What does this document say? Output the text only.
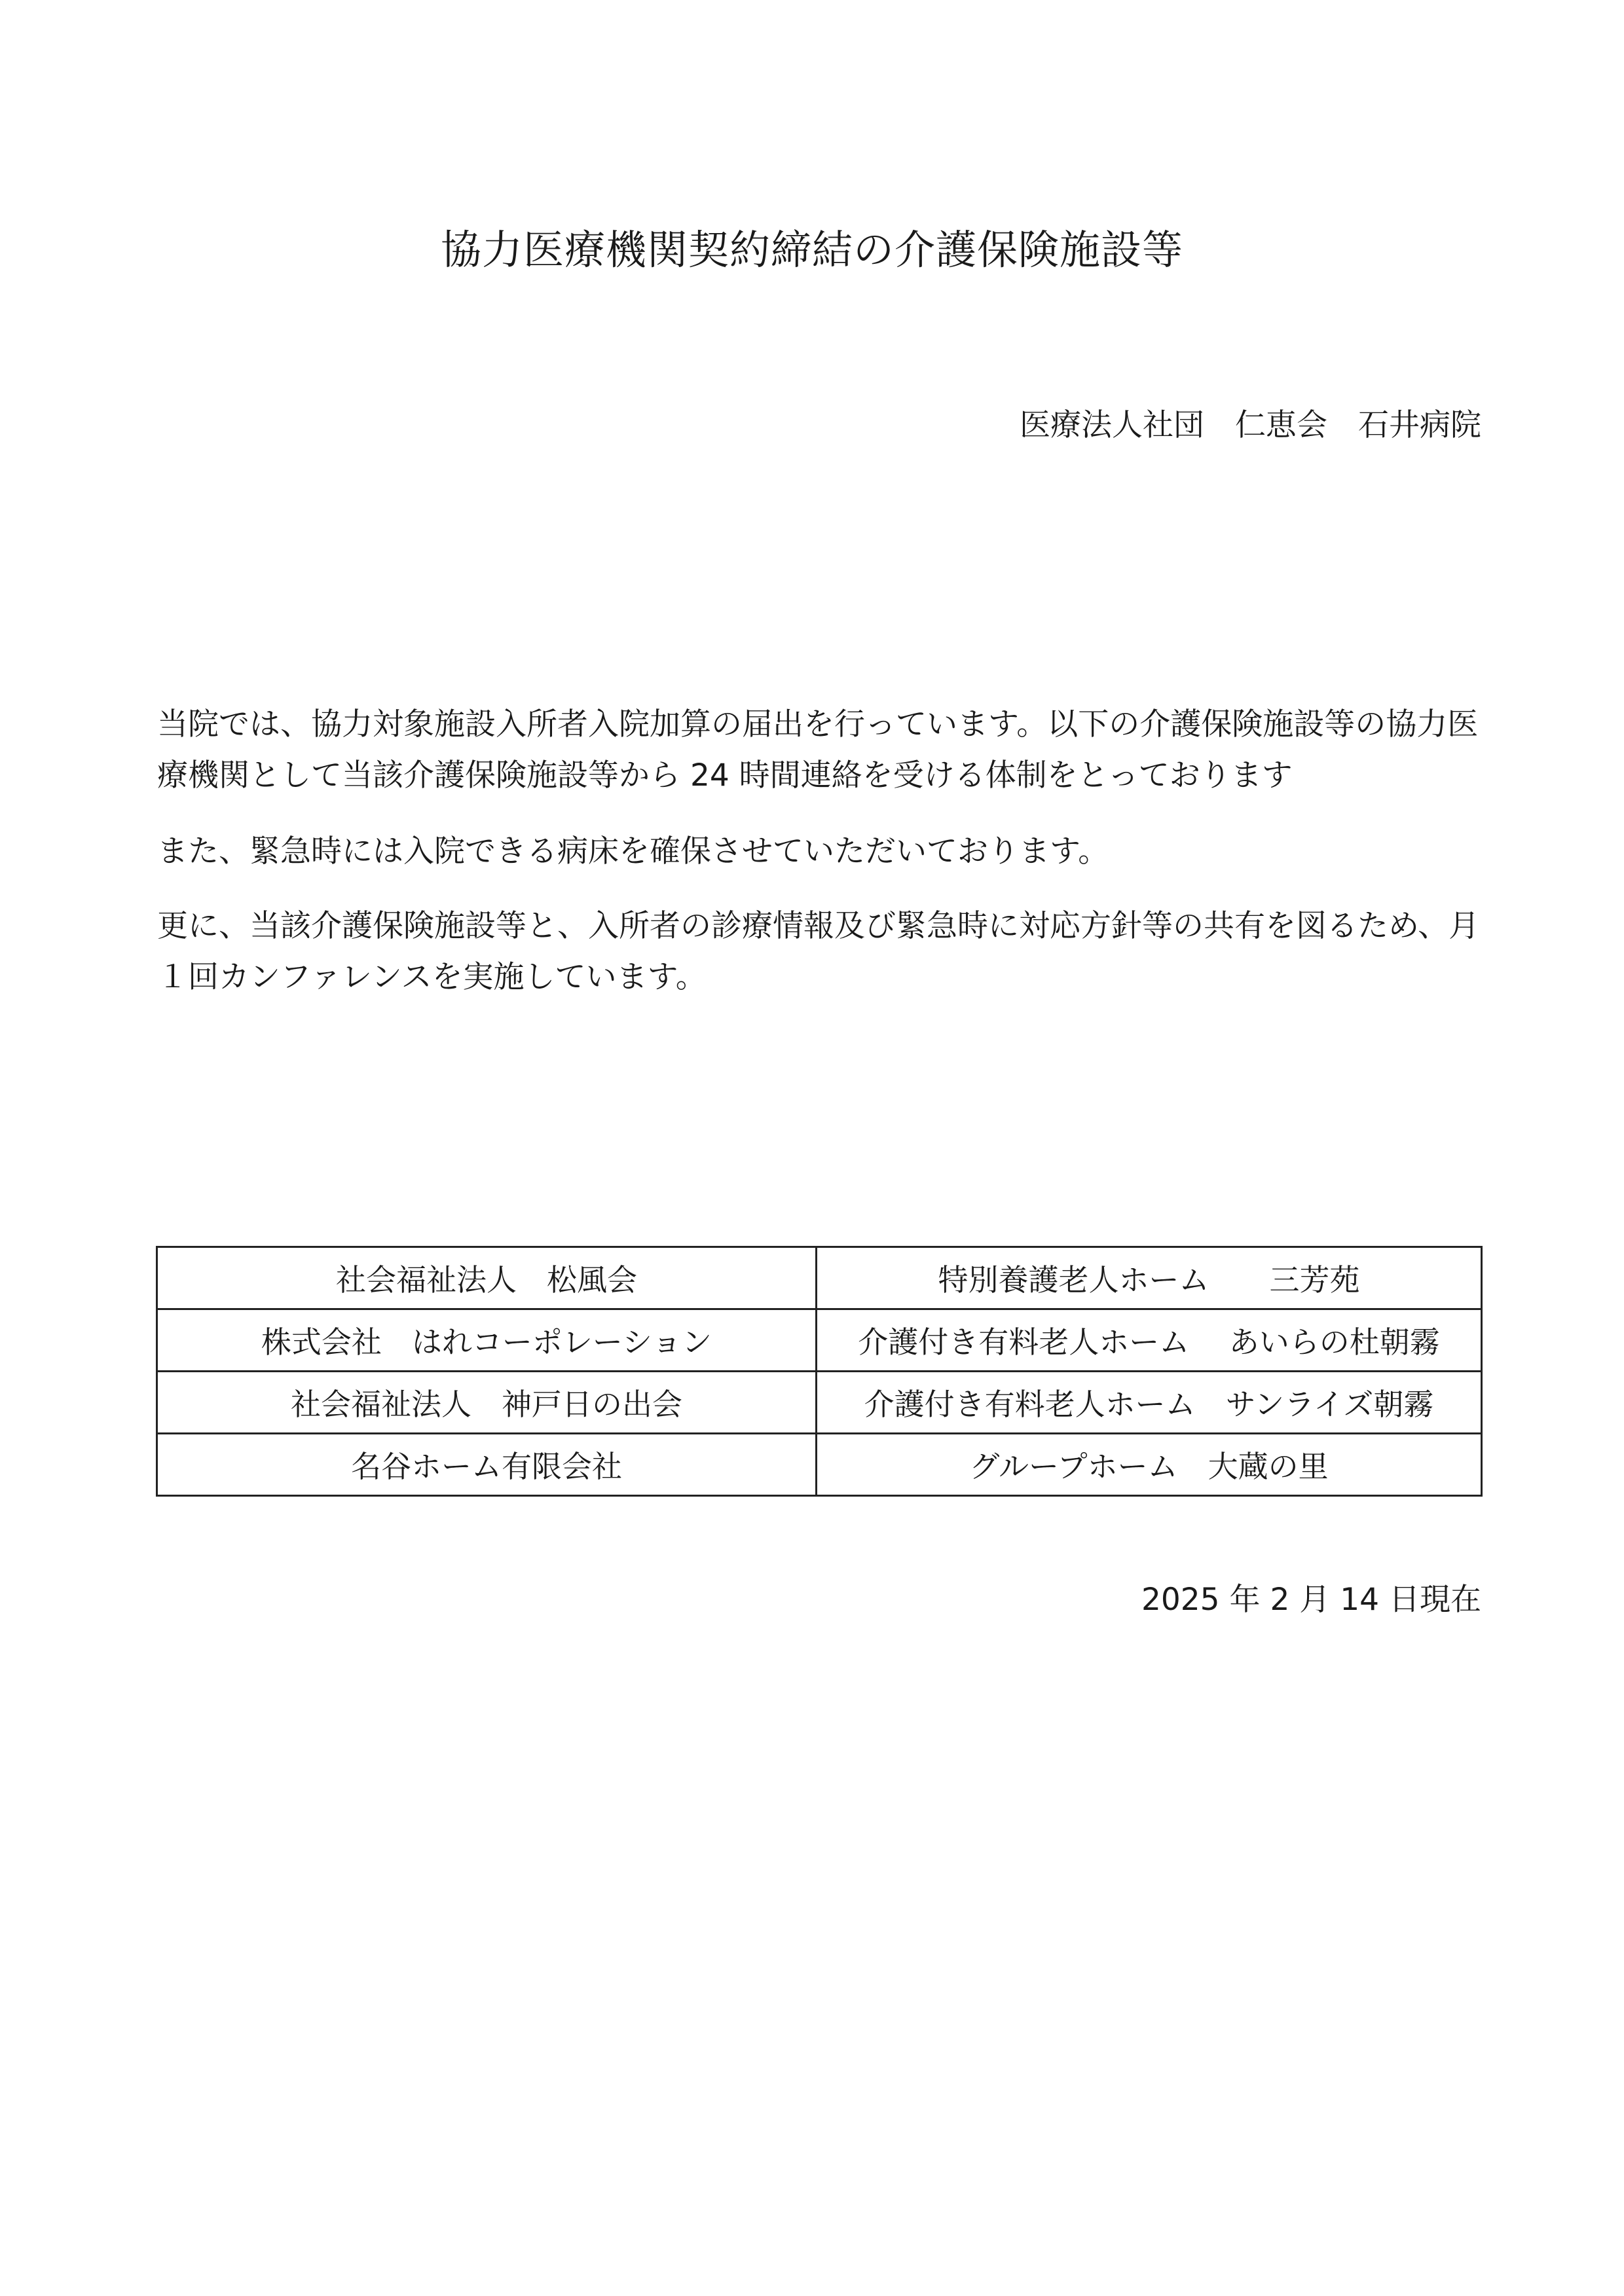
協力医療機関契約締結の介護保険施設等
医療法人社団　仁恵会　石井病院

当院では、協力対象施設入所者入院加算の届出を行っています。以下の介護保険施設等の協力医療機関として当該介護保険施設等から 24 時間連絡を受ける体制をとっております

また、緊急時には入院できる病床を確保させていただいております。

更に、当該介護保険施設等と、入所者の診療情報及び緊急時に対応方針等の共有を図るため、月１回カンファレンスを実施しています。

社会福祉法人　松風会	特別養護老人ホーム　　三芳苑
株式会社　はれコーポレーション	介護付き有料老人ホーム　 あいらの杜朝霧
社会福祉法人　神戸日の出会	介護付き有料老人ホーム　サンライズ朝霧
名谷ホーム有限会社	グループホーム　大蔵の里
2025 年 2 月 14 日現在
